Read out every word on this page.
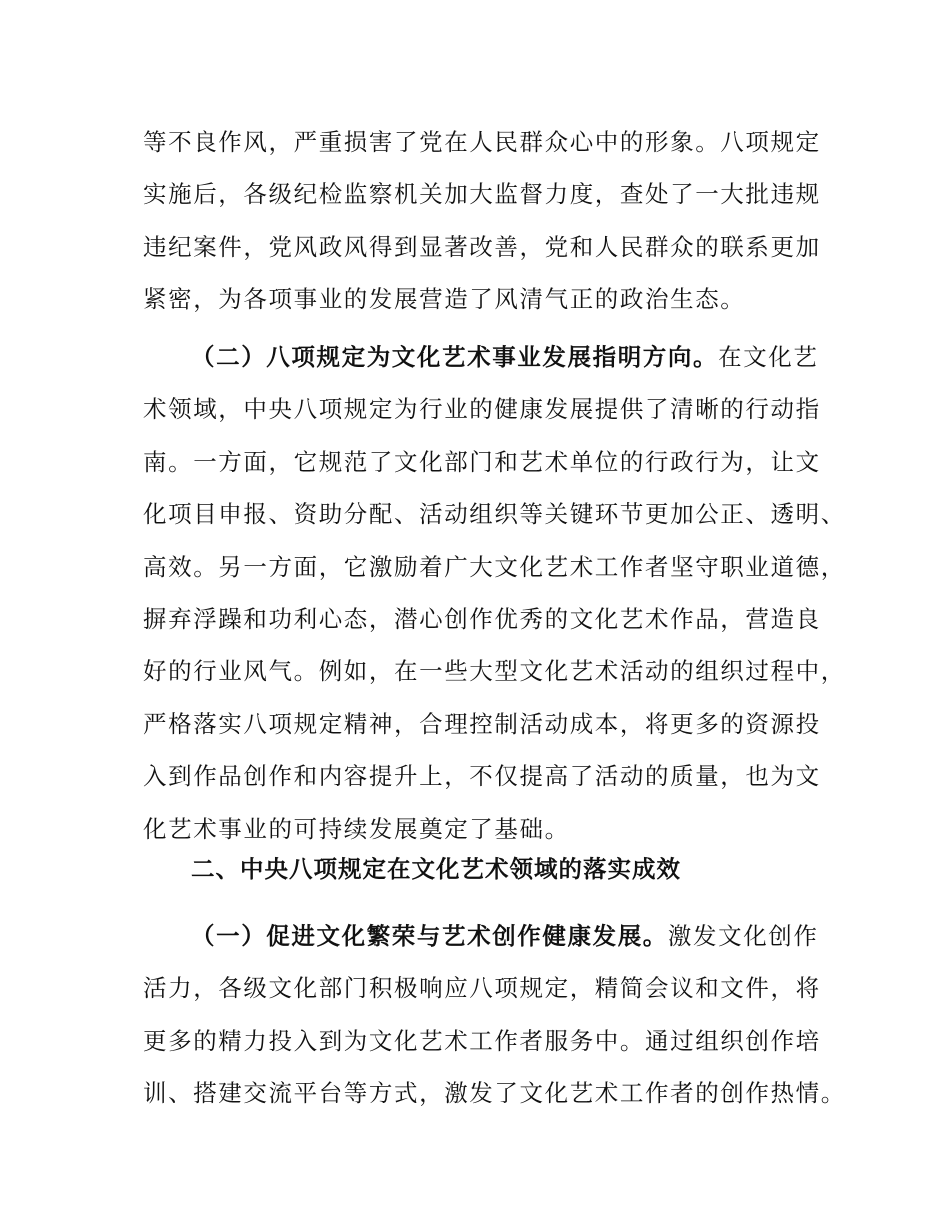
等不良作风，严重损害了党在人民群众心中的形象。八项规定
实施后，各级纪检监察机关加大监督力度，查处了一大批违规
违纪案件，党风政风得到显著改善，党和人民群众的联系更加
紧密，为各项事业的发展营造了风清气正的政治生态。
（二）八项规定为文化艺术事业发展指明方向。在文化艺
术领域，中央八项规定为行业的健康发展提供了清晰的行动指
南。一方面，它规范了文化部门和艺术单位的行政行为，让文
化项目申报、资助分配、活动组织等关键环节更加公正、透明、
高效。另一方面，它激励着广大文化艺术工作者坚守职业道德，
摒弃浮躁和功利心态，潜心创作优秀的文化艺术作品，营造良
好的行业风气。例如，在一些大型文化艺术活动的组织过程中，
严格落实八项规定精神，合理控制活动成本，将更多的资源投
入到作品创作和内容提升上，不仅提高了活动的质量，也为文
化艺术事业的可持续发展奠定了基础。
二、中央八项规定在文化艺术领域的落实成效
（一）促进文化繁荣与艺术创作健康发展。激发文化创作
活力，各级文化部门积极响应八项规定，精简会议和文件，将
更多的精力投入到为文化艺术工作者服务中。通过组织创作培
训、搭建交流平台等方式，激发了文化艺术工作者的创作热情。
